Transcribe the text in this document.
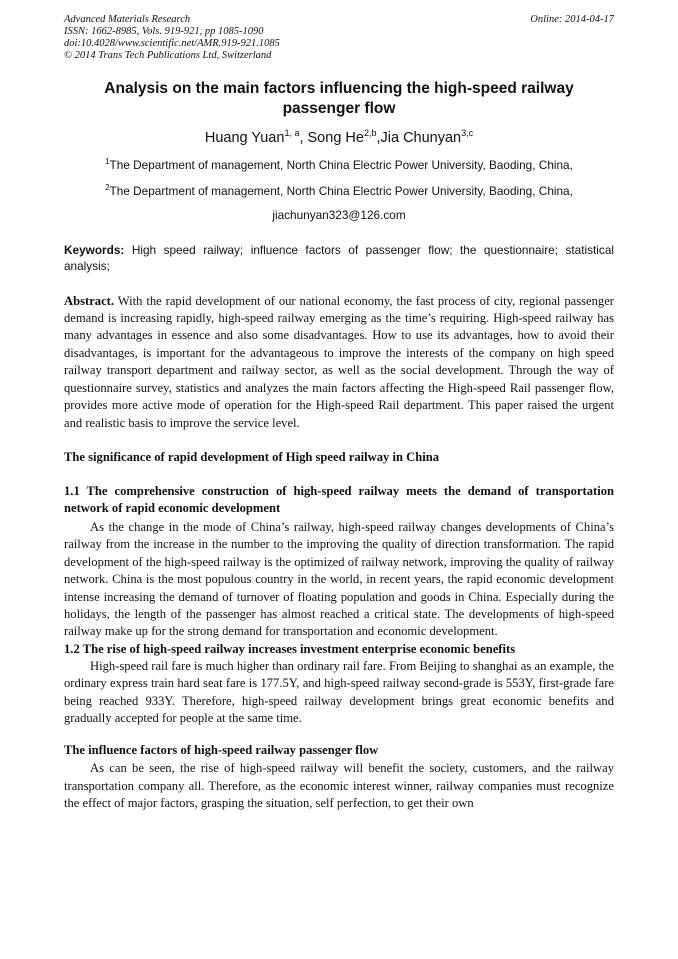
Advanced Materials Research
ISSN: 1662-8985, Vols. 919-921, pp 1085-1090
doi:10.4028/www.scientific.net/AMR.919-921.1085
© 2014 Trans Tech Publications Ltd, Switzerland
Online: 2014-04-17
Analysis on the main factors influencing the high-speed railway passenger flow
Huang Yuan$^{1, a}$, Song He$^{2,b}$,Jia Chunyan$^{3,c}$
$^1$The Department of management, North China Electric Power University, Baoding, China,
$^2$The Department of management, North China Electric Power University, Baoding, China,
jiachunyan323@126.com
Keywords: High speed railway; influence factors of passenger flow; the questionnaire; statistical analysis;
Abstract. With the rapid development of our national economy, the fast process of city, regional passenger demand is increasing rapidly, high-speed railway emerging as the time’s requiring. High-speed railway has many advantages in essence and also some disadvantages. How to use its advantages, how to avoid their disadvantages, is important for the advantageous to improve the interests of the company on high speed railway transport department and railway sector, as well as the social development. Through the way of questionnaire survey, statistics and analyzes the main factors affecting the High-speed Rail passenger flow, provides more active mode of operation for the High-speed Rail department. This paper raised the urgent and realistic basis to improve the service level.
The significance of rapid development of High speed railway in China
1.1 The comprehensive construction of high-speed railway meets the demand of transportation network of rapid economic development
As the change in the mode of China’s railway, high-speed railway changes developments of China’s railway from the increase in the number to the improving the quality of direction transformation. The rapid development of the high-speed railway is the optimized of railway network, improving the quality of railway network. China is the most populous country in the world, in recent years, the rapid economic development intense increasing the demand of turnover of floating population and goods in China. Especially during the holidays, the length of the passenger has almost reached a critical state. The developments of high-speed railway make up for the strong demand for transportation and economic development.
1.2 The rise of high-speed railway increases investment enterprise economic benefits
High-speed rail fare is much higher than ordinary rail fare. From Beijing to shanghai as an example, the ordinary express train hard seat fare is 177.5Y, and high-speed railway second-grade is 553Y, first-grade fare being reached 933Y. Therefore, high-speed railway development brings great economic benefits and gradually accepted for people at the same time.
The influence factors of high-speed railway passenger flow
As can be seen, the rise of high-speed railway will benefit the society, customers, and the railway transportation company all. Therefore, as the economic interest winner, railway companies must recognize the effect of major factors, grasping the situation, self perfection, to get their own
